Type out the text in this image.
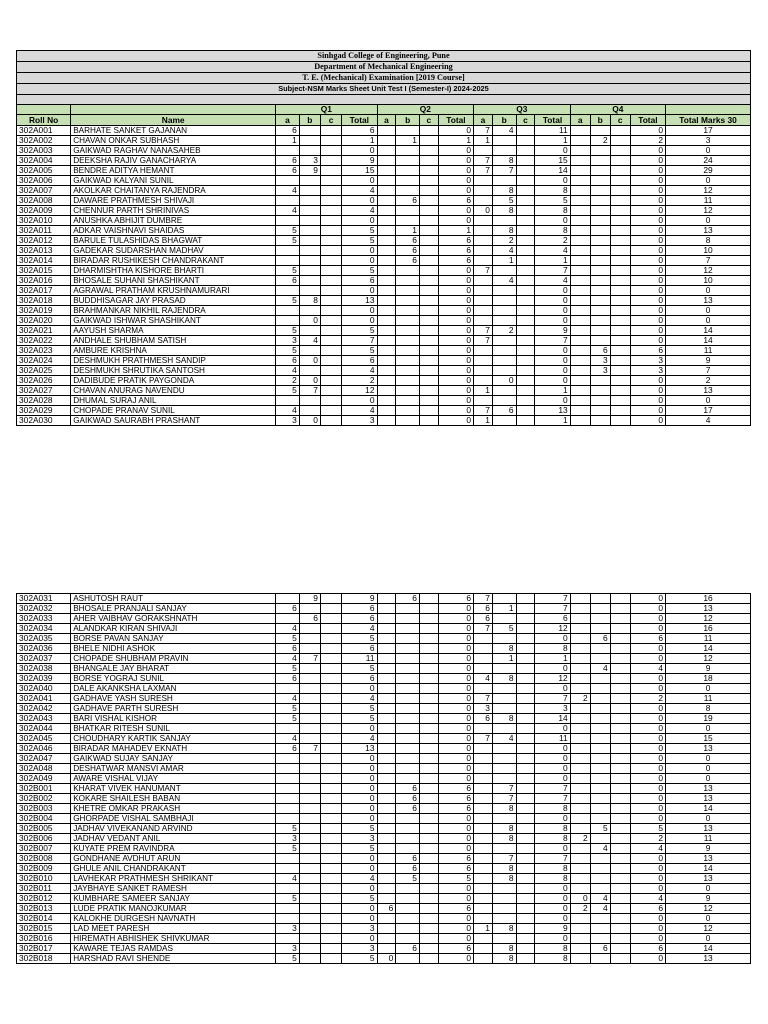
Sinhgad College of Engineering, Pune																		
Department of Mechanical Engineering																		
T. E. (Mechanical) Examination [2019 Course]																		
Subject-NSM Marks Sheet Unit Test I (Semester-I) 2024-2025																		

		Q1				Q2				Q3				Q4				
Roll No	Name	a	b	c	Total	a	b	c	Total	a	b	c	Total	a	b	c	Total	Total Marks 30
302A001	BARHATE SANKET GAJANAN	6			6				0	7	4		11				0	17
302A002	CHAVAN ONKAR SUBHASH	1			1		1		1	1			1		2		2	3
302A003	GAIKWAD RAGHAV NANASAHEB				0				0				0				0	0
302A004	DEEKSHA RAJIV GANACHARYA	6	3		9				0	7	8		15				0	24
302A005	BENDRE ADITYA HEMANT	6	9		15				0	7	7		14				0	29
302A006	GAIKWAD KALYANI SUNIL				0				0				0				0	0
302A007	AKOLKAR CHAITANYA RAJENDRA	4			4				0		8		8				0	12
302A008	DAWARE PRATHMESH SHIVAJI				0		6		6		5		5				0	11
302A009	CHENNUR PARTH SHRINIVAS	4			4				0	0	8		8				0	12
302A010	ANUSHKA ABHIJIT DUMBRE				0				0				0				0	0
302A011	ADKAR VAISHNAVI SHAIDAS	5			5		1		1		8		8				0	13
302A012	BARULE TULASHIDAS BHAGWAT	5			5		6		6		2		2				0	8
302A013	GADEKAR SUDARSHAN MADHAV				0		6		6		4		4				0	10
302A014	BIRADAR RUSHIKESH CHANDRAKANT				0		6		6		1		1				0	7
302A015	DHARMISHTHA KISHORE BHARTI	5			5				0	7			7				0	12
302A016	BHOSALE SUHANI SHASHIKANT	6			6				0		4		4				0	10
302A017	AGRAWAL PRATHAM KRUSHNAMURARI				0				0				0				0	0
302A018	BUDDHISAGAR JAY PRASAD	5	8		13				0				0				0	13
302A019	BRAHMANKAR NIKHIL RAJENDRA				0				0				0				0	0
302A020	GAIKWAD ISHWAR SHASHIKANT		0		0				0				0				0	0
302A021	AAYUSH SHARMA	5			5				0	7	2		9				0	14
302A022	ANDHALE SHUBHAM SATISH	3	4		7				0	7			7				0	14
302A023	AMBURE KRISHNA	5			5				0				0		6		6	11
302A024	DESHMUKH PRATHMESH SANDIP	6	0		6				0				0		3		3	9
302A025	DESHMUKH SHRUTIKA SANTOSH	4			4				0				0		3		3	7
302A026	DADIBUDE PRATIK PAYGONDA	2	0		2				0		0		0				0	2
302A027	CHAVAN ANURAG NAVENDU	5	7		12				0	1			1				0	13
302A028	DHUMAL SURAJ ANIL				0				0				0				0	0
302A029	CHOPADE PRANAV SUNIL	4			4				0	7	6		13				0	17
302A030	GAIKWAD SAURABH PRASHANT	3	0		3				0	1			1				0	4
302A031	ASHUTOSH RAUT		9		9		6		6	7			7				0	16
302A032	BHOSALE PRANJALI SANJAY	6			6				0	6	1		7				0	13
302A033	AHER VAIBHAV GORAKSHNATH		6		6				0	6			6				0	12
302A034	ALANDKAR KIRAN SHIVAJI	4			4				0	7	5		12				0	16
302A035	BORSE PAVAN SANJAY	5			5				0				0		6		6	11
302A036	BHELE NIDHI ASHOK	6			6				0		8		8				0	14
302A037	CHOPADE SHUBHAM PRAVIN	4	7		11				0		1		1				0	12
302A038	BHANGALE JAY BHARAT	5			5				0				0		4		4	9
302A039	BORSE YOGRAJ SUNIL	6			6				0	4	8		12				0	18
302A040	DALE AKANKSHA LAXMAN				0				0				0				0	0
302A041	GADHAVE YASH SURESH	4			4				0	7			7	2			2	11
302A042	GADHAVE PARTH SURESH	5			5				0	3			3				0	8
302A043	BARI VISHAL KISHOR	5			5				0	6	8		14				0	19
302A044	BHATKAR RITESH SUNIL				0				0				0				0	0
302A045	CHOUDHARY KARTIK SANJAY	4			4				0	7	4		11				0	15
302A046	BIRADAR MAHADEV EKNATH	6	7		13				0				0				0	13
302A047	GAIKWAD SUJAY SANJAY				0				0				0				0	0
302A048	DESHATWAR MANSVI AMAR				0				0				0				0	0
302A049	AWARE VISHAL VIJAY				0				0				0				0	0
302B001	KHARAT VIVEK HANUMANT				0		6		6		7		7				0	13
302B002	KOKARE SHAILESH BABAN				0		6		6		7		7				0	13
302B003	KHETRE OMKAR PRAKASH				0		6		6		8		8				0	14
302B004	GHORPADE VISHAL SAMBHAJI				0				0				0				0	0
302B005	JADHAV VIVEKANAND ARVIND	5			5				0		8		8		5		5	13
302B006	JADHAV VEDANT ANIL	3			3				0		8		8	2			2	11
302B007	KUYATE PREM RAVINDRA	5			5				0				0		4		4	9
302B008	GONDHANE AVDHUT ARUN				0		6		6		7		7				0	13
302B009	GHULE ANIL CHANDRAKANT				0		6		6		8		8				0	14
302B010	LAVHEKAR PRATHMESH SHRIKANT	4			4		5		5		8		8				0	13
302B011	JAYBHAYE SANKET RAMESH				0				0				0				0	0
302B012	KUMBHARE SAMEER SANJAY	5			5				0				0	0	4		4	9
302B013	LUDE PRATIK MANOJKUMAR				0	6			6				0	2	4		6	12
302B014	KALOKHE DURGESH NAVNATH				0				0				0				0	0
302B015	LAD MEET PARESH	3			3				0	1	8		9				0	12
302B016	HIREMATH ABHISHEK SHIVKUMAR				0				0				0				0	0
302B017	KAWARE TEJAS RAMDAS	3			3		6		6		8		8		6		6	14
302B018	HARSHAD RAVI SHENDE	5			5	0			0		8		8				0	13
